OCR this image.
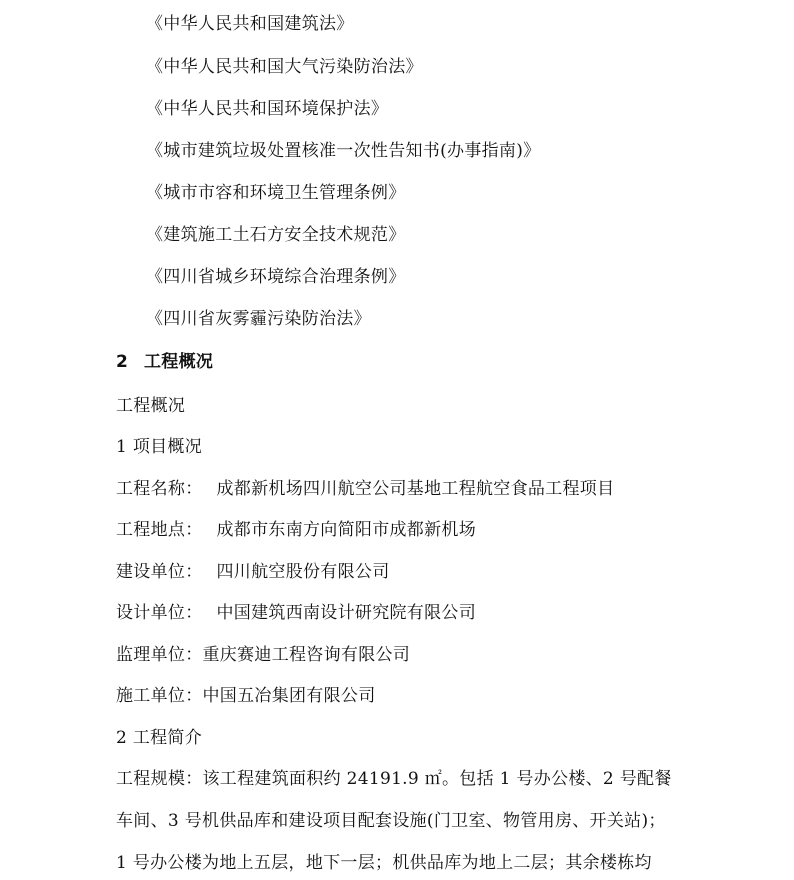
《中华人民共和国建筑法》
《中华人民共和国大气污染防治法》
《中华人民共和国环境保护法》
《城市建筑垃圾处置核准一次性告知书(办事指南)》
《城市市容和环境卫生管理条例》
《建筑施工土石方安全技术规范》
《四川省城乡环境综合治理条例》
《四川省灰雾霾污染防治法》
2 工程概况
工程概况
1 项目概况
工程名称： 成都新机场四川航空公司基地工程航空食品工程项目
工程地点： 成都市东南方向简阳市成都新机场
建设单位： 四川航空股份有限公司
设计单位： 中国建筑西南设计研究院有限公司
监理单位：重庆赛迪工程咨询有限公司
施工单位：中国五冶集团有限公司
2 工程简介
工程规模：该工程建筑面积约 24191.9 ㎡。包括 1 号办公楼、2 号配餐
车间、3 号机供品库和建设项目配套设施(门卫室、物管用房、开关站)；
1 号办公楼为地上五层，地下一层；机供品库为地上二层；其余楼栋均
